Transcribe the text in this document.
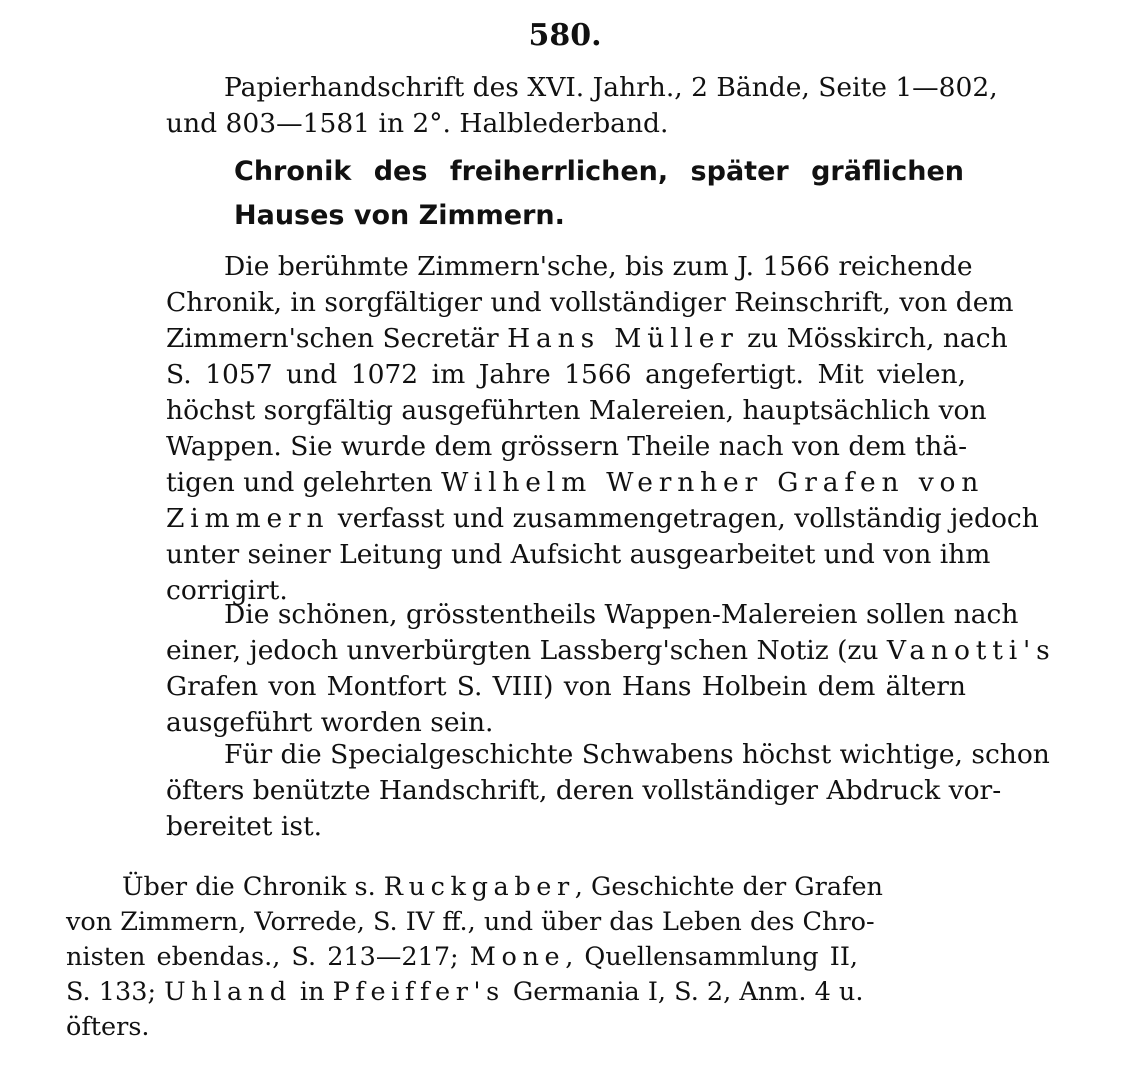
580.
Papierhandschrift des XVI. Jahrh., 2 Bände, Seite 1—802,
und 803—1581 in 2°. Halblederband.
Chronik des freiherrlichen, später gräflichen
Hauses von Zimmern.
Die berühmte Zimmern'sche, bis zum J. 1566 reichende
Chronik, in sorgfältiger und vollständiger Reinschrift, von dem
Zimmern'schen Secretär Hans Müller zu Mösskirch, nach
S. 1057 und 1072 im Jahre 1566 angefertigt. Mit vielen,
höchst sorgfältig ausgeführten Malereien, hauptsächlich von
Wappen. Sie wurde dem grössern Theile nach von dem thä-
tigen und gelehrten Wilhelm Wernher Grafen von
Zimmern verfasst und zusammengetragen, vollständig jedoch
unter seiner Leitung und Aufsicht ausgearbeitet und von ihm
corrigirt.
Die schönen, grösstentheils Wappen-Malereien sollen nach
einer, jedoch unverbürgten Lassberg'schen Notiz (zu Vanotti's
Grafen von Montfort S. VIII) von Hans Holbein dem ältern
ausgeführt worden sein.
Für die Specialgeschichte Schwabens höchst wichtige, schon
öfters benützte Handschrift, deren vollständiger Abdruck vor-
bereitet ist.
Über die Chronik s. Ruckgaber, Geschichte der Grafen
von Zimmern, Vorrede, S. IV ff., und über das Leben des Chro-
nisten ebendas., S. 213—217; Mone, Quellensammlung II,
S. 133; Uhland in Pfeiffer's Germania I, S. 2, Anm. 4 u.
öfters.
